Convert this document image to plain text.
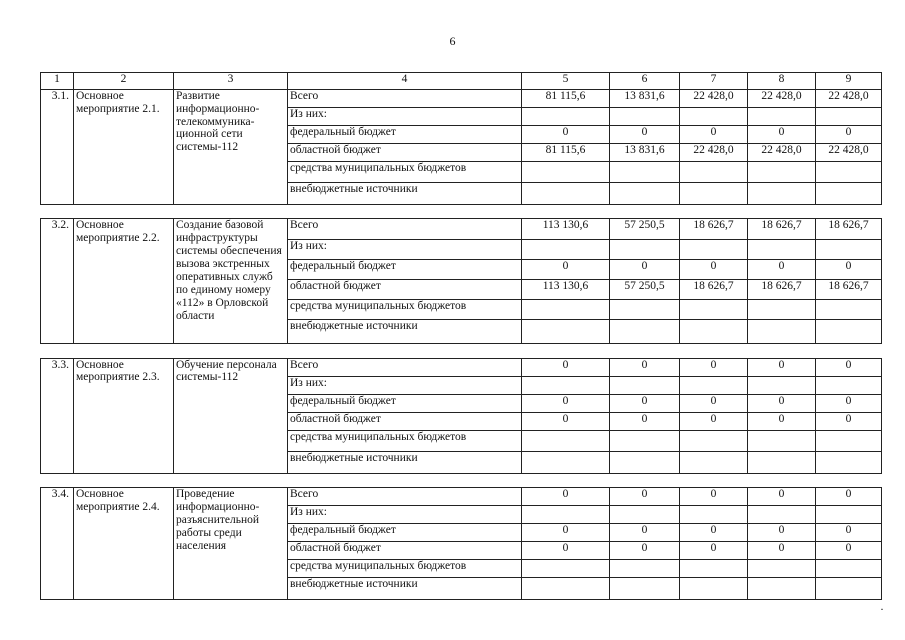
6
1	2	3	4	5	6	7	8	9
3.1.	Основное мероприятие 2.1.	Развитие информационно-телекоммуника-ционной сети системы-112	Всего	81 115,6	13 831,6	22 428,0	22 428,0	22 428,0
			Из них:					
			федеральный бюджет	0	0	0	0	0
			областной бюджет	81 115,6	13 831,6	22 428,0	22 428,0	22 428,0
			средства муниципальных бюджетов					
			внебюджетные источники					

3.2.	Основное мероприятие 2.2.	Создание базовой инфраструктуры системы обеспечения вызова экстренных оперативных служб по единому номеру «112» в Орловской области	Всего	113 130,6	57 250,5	18 626,7	18 626,7	18 626,7
			Из них:					
			федеральный бюджет	0	0	0	0	0
			областной бюджет	113 130,6	57 250,5	18 626,7	18 626,7	18 626,7
			средства муниципальных бюджетов					
			внебюджетные источники					

3.3.	Основное мероприятие 2.3.	Обучение персонала системы-112	Всего	0	0	0	0	0
			Из них:					
			федеральный бюджет	0	0	0	0	0
			областной бюджет	0	0	0	0	0
			средства муниципальных бюджетов					
			внебюджетные источники					

3.4.	Основное мероприятие 2.4.	Проведение информационно-разъяснительной работы среди населения	Всего	0	0	0	0	0
			Из них:					
			федеральный бюджет	0	0	0	0	0
			областной бюджет	0	0	0	0	0
			средства муниципальных бюджетов					
			внебюджетные источники					
·
